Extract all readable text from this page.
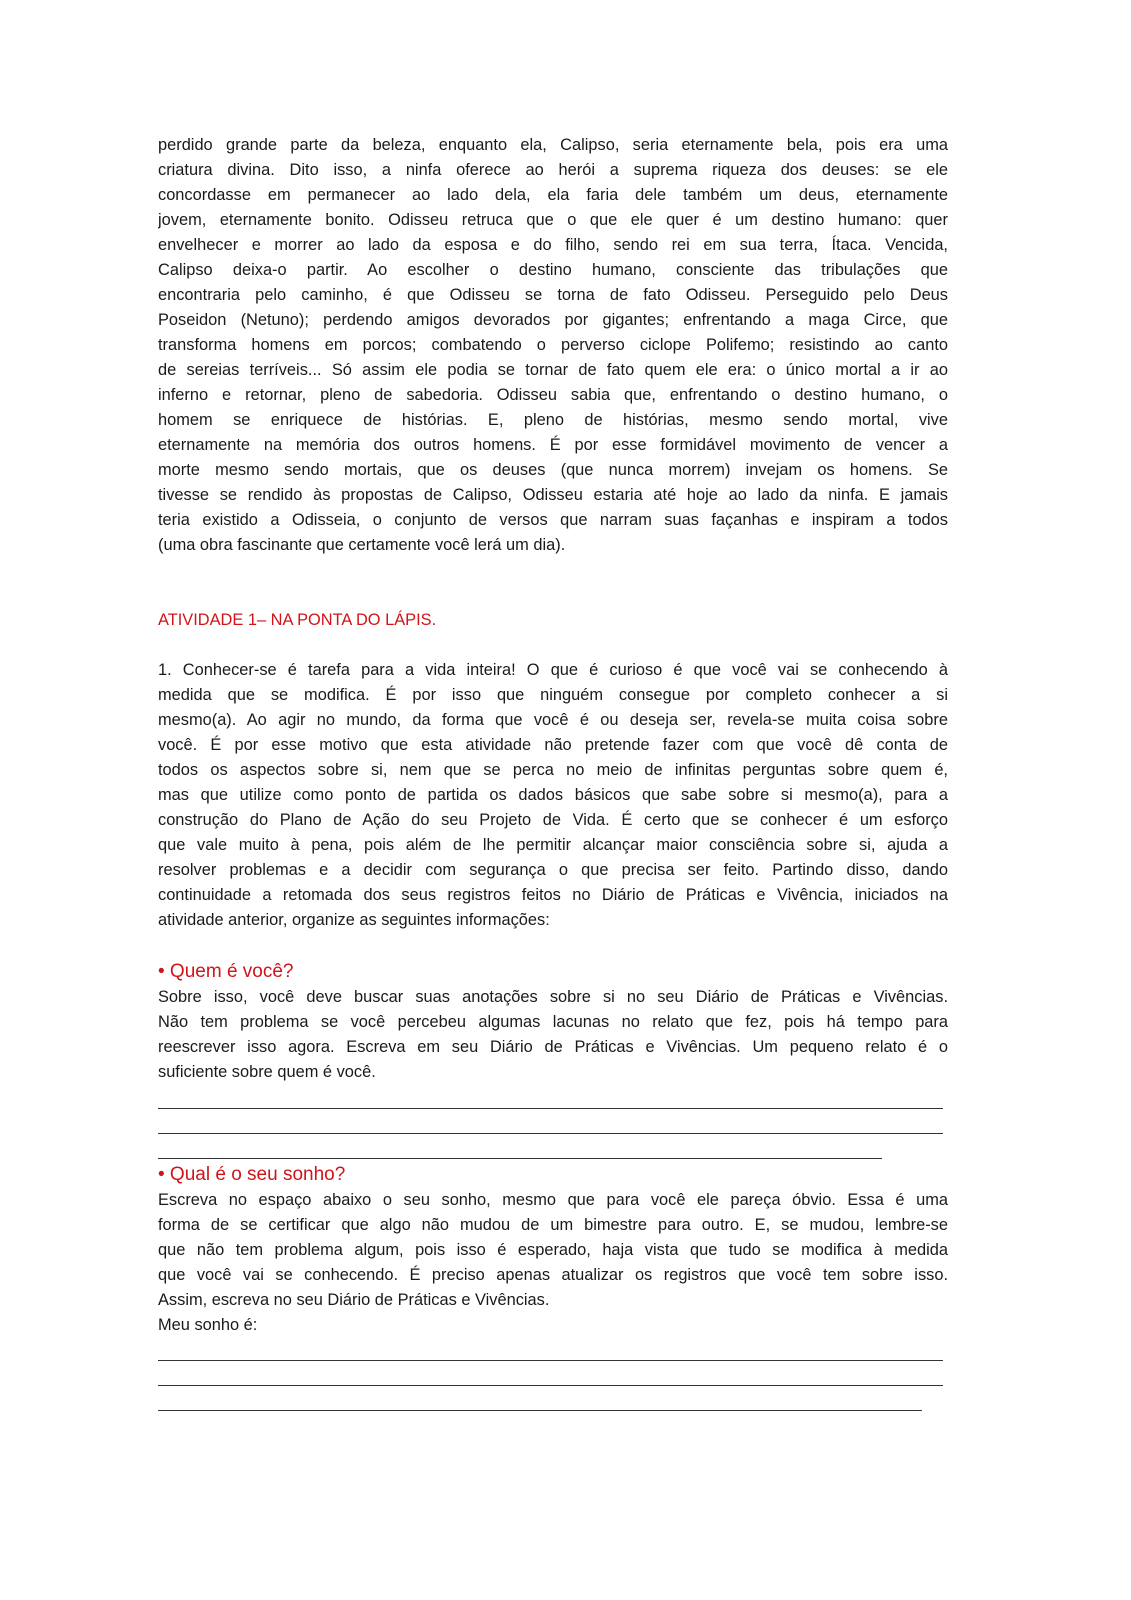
perdido grande parte da beleza, enquanto ela, Calipso, seria eternamente bela, pois era uma
criatura divina. Dito isso, a ninfa oferece ao herói a suprema riqueza dos deuses: se ele
concordasse em permanecer ao lado dela, ela faria dele também um deus, eternamente
jovem, eternamente bonito. Odisseu retruca que o que ele quer é um destino humano: quer
envelhecer e morrer ao lado da esposa e do filho, sendo rei em sua terra, Ítaca. Vencida,
Calipso deixa-o partir. Ao escolher o destino humano, consciente das tribulações que
encontraria pelo caminho, é que Odisseu se torna de fato Odisseu. Perseguido pelo Deus
Poseidon (Netuno); perdendo amigos devorados por gigantes; enfrentando a maga Circe, que
transforma homens em porcos; combatendo o perverso ciclope Polifemo; resistindo ao canto
de sereias terríveis... Só assim ele podia se tornar de fato quem ele era: o único mortal a ir ao
inferno e retornar, pleno de sabedoria. Odisseu sabia que, enfrentando o destino humano, o
homem se enriquece de histórias. E, pleno de histórias, mesmo sendo mortal, vive
eternamente na memória dos outros homens. É por esse formidável movimento de vencer a
morte mesmo sendo mortais, que os deuses (que nunca morrem) invejam os homens. Se
tivesse se rendido às propostas de Calipso, Odisseu estaria até hoje ao lado da ninfa. E jamais
teria existido a Odisseia, o conjunto de versos que narram suas façanhas e inspiram a todos
(uma obra fascinante que certamente você lerá um dia).
ATIVIDADE 1– NA PONTA DO LÁPIS.
1. Conhecer-se é tarefa para a vida inteira! O que é curioso é que você vai se conhecendo à
medida que se modifica. É por isso que ninguém consegue por completo conhecer a si
mesmo(a). Ao agir no mundo, da forma que você é ou deseja ser, revela-se muita coisa sobre
você. É por esse motivo que esta atividade não pretende fazer com que você dê conta de
todos os aspectos sobre si, nem que se perca no meio de infinitas perguntas sobre quem é,
mas que utilize como ponto de partida os dados básicos que sabe sobre si mesmo(a), para a
construção do Plano de Ação do seu Projeto de Vida. É certo que se conhecer é um esforço
que vale muito à pena, pois além de lhe permitir alcançar maior consciência sobre si, ajuda a
resolver problemas e a decidir com segurança o que precisa ser feito. Partindo disso, dando
continuidade a retomada dos seus registros feitos no Diário de Práticas e Vivência, iniciados na
atividade anterior, organize as seguintes informações:
• Quem é você?
Sobre isso, você deve buscar suas anotações sobre si no seu Diário de Práticas e Vivências.
Não tem problema se você percebeu algumas lacunas no relato que fez, pois há tempo para
reescrever isso agora. Escreva em seu Diário de Práticas e Vivências. Um pequeno relato é o
suficiente sobre quem é você.
• Qual é o seu sonho?
Escreva no espaço abaixo o seu sonho, mesmo que para você ele pareça óbvio. Essa é uma
forma de se certificar que algo não mudou de um bimestre para outro. E, se mudou, lembre-se
que não tem problema algum, pois isso é esperado, haja vista que tudo se modifica à medida
que você vai se conhecendo. É preciso apenas atualizar os registros que você tem sobre isso.
Assim, escreva no seu Diário de Práticas e Vivências.
Meu sonho é:
